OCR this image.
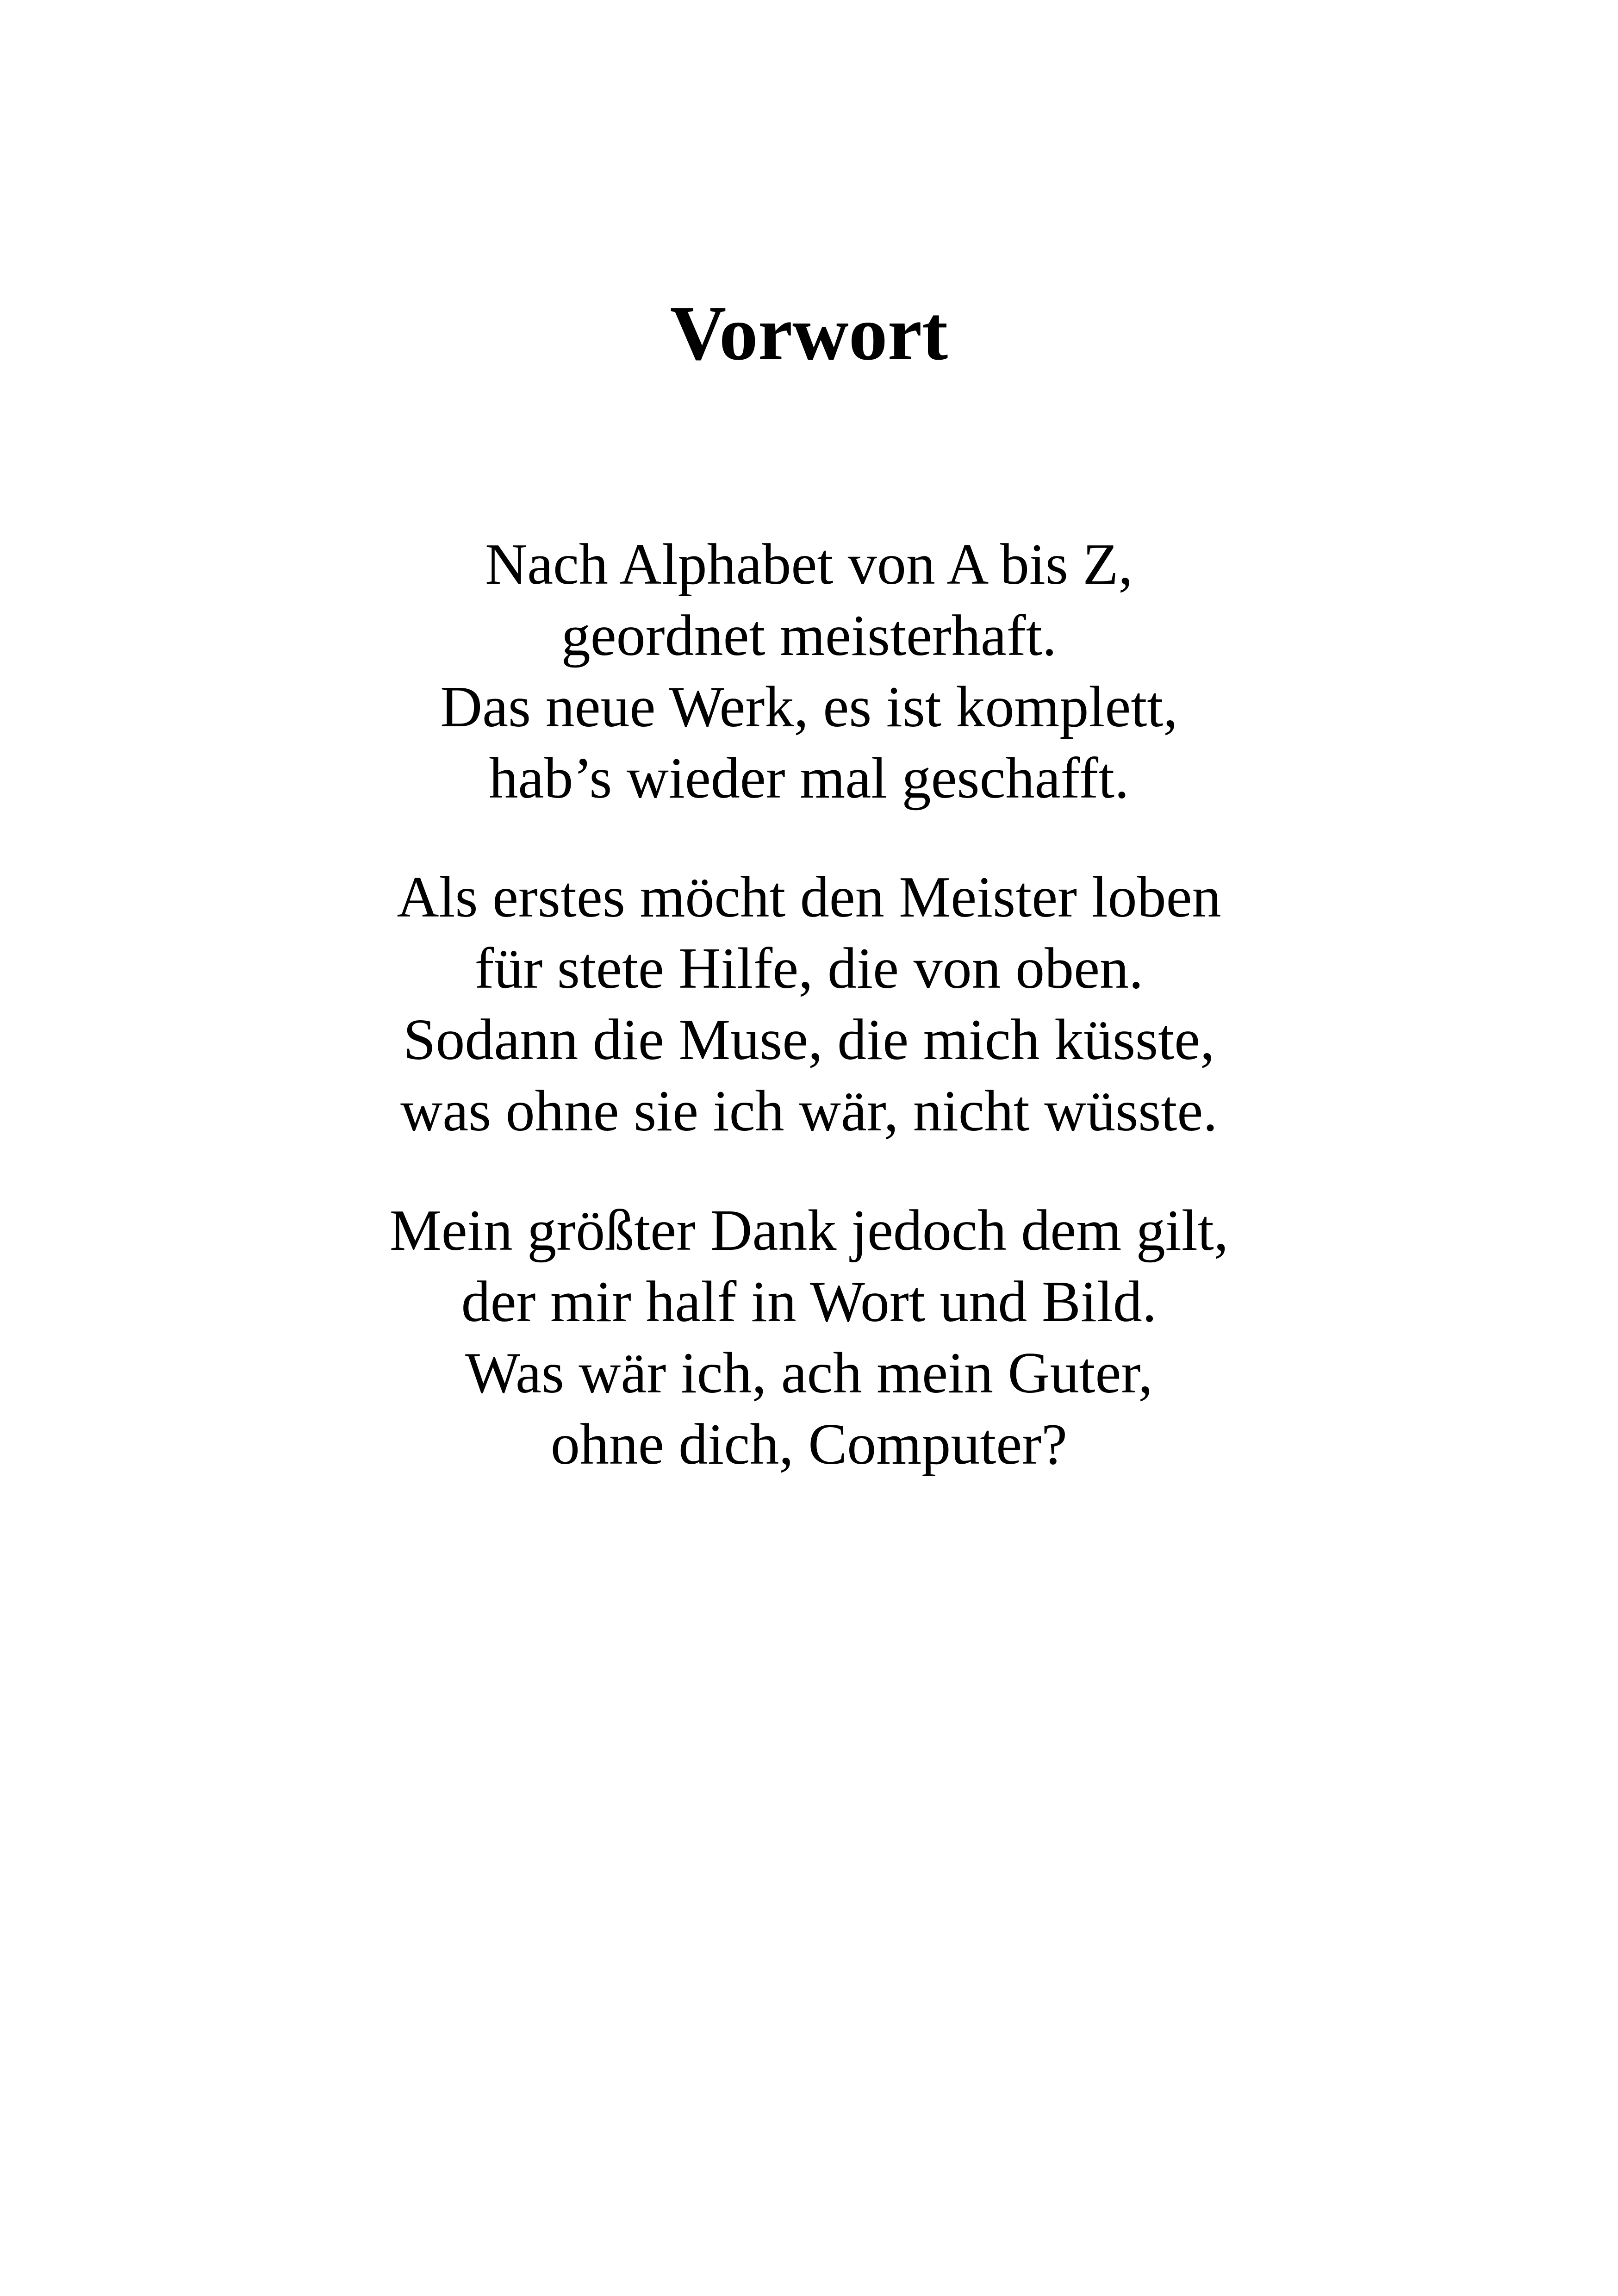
Vorwort
Nach Alphabet von A bis Z,
geordnet meisterhaft.
Das neue Werk, es ist komplett,
hab’s wieder mal geschafft.
Als erstes möcht den Meister loben
für stete Hilfe, die von oben.
Sodann die Muse, die mich küsste,
was ohne sie ich wär, nicht wüsste.
Mein größter Dank jedoch dem gilt,
der mir half in Wort und Bild.
Was wär ich, ach mein Guter,
ohne dich, Computer?
